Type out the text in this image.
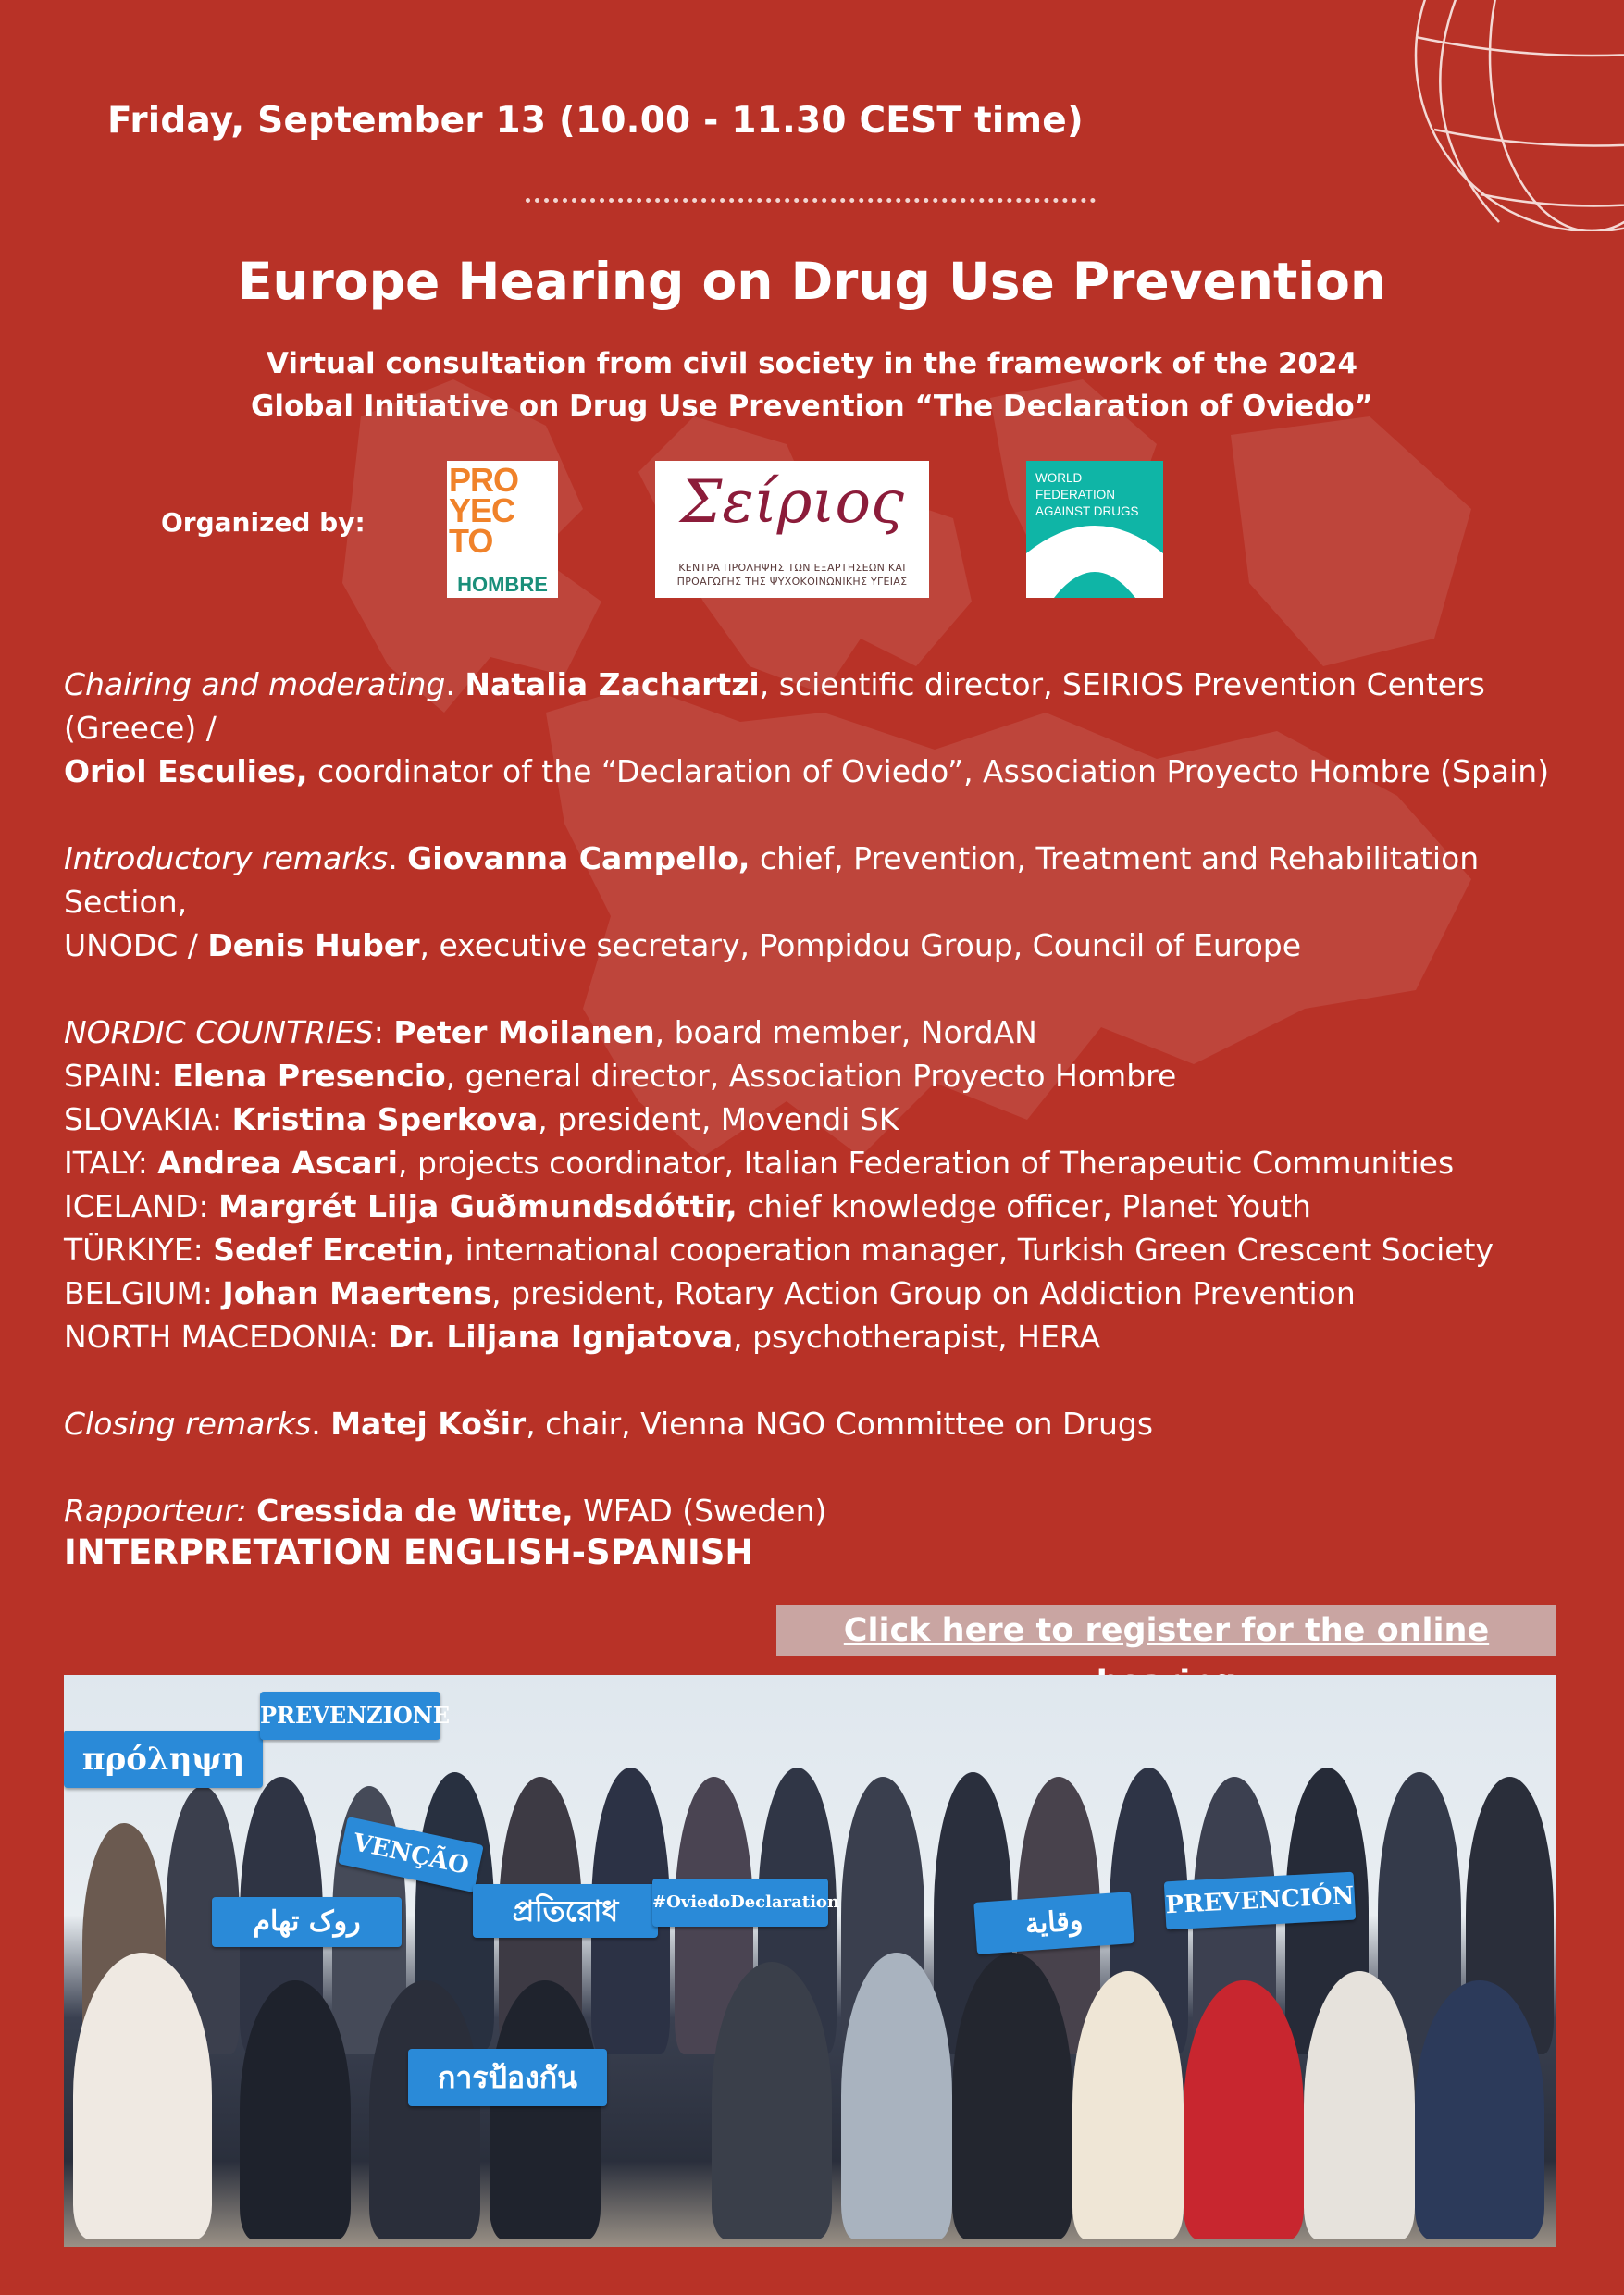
Friday, September 13 (10.00 - 11.30 CEST time)
Europe Hearing on Drug Use Prevention
Virtual consultation from civil society in the framework of the 2024
Global Initiative on Drug Use Prevention “The Declaration of Oviedo”
Organized by:
PRO
YEC
TO
HOMBRE
Σείριος
ΚΕΝΤΡΑ ΠΡΟΛΗΨΗΣ ΤΩΝ ΕΞΑΡΤΗΣΕΩΝ ΚΑΙ ΠΡΟΑΓΩΓΗΣ ΤΗΣ ΨΥΧΟΚΟΙΝΩΝΙΚΗΣ ΥΓΕΙΑΣ
WORLD FEDERATION
AGAINST DRUGS

Chairing and moderating. Natalia Zachartzi, scientific director, SEIRIOS Prevention Centers (Greece) /

Oriol Esculies, coordinator of the “Declaration of Oviedo”, Association Proyecto Hombre (Spain)

Introductory remarks. Giovanna Campello, chief, Prevention, Treatment and Rehabilitation Section,

UNODC / Denis Huber, executive secretary, Pompidou Group, Council of Europe

NORDIC COUNTRIES: Peter Moilanen, board member, NordAN

SPAIN: Elena Presencio, general director, Association Proyecto Hombre

SLOVAKIA: Kristina Sperkova, president, Movendi SK

ITALY: Andrea Ascari, projects coordinator, Italian Federation of Therapeutic Communities

ICELAND: Margrét Lilja Guðmundsdóttir, chief knowledge officer, Planet Youth

TÜRKIYE: Sedef Ercetin, international cooperation manager, Turkish Green Crescent Society

BELGIUM: Johan Maertens, president, Rotary Action Group on Addiction Prevention

NORTH MACEDONIA: Dr. Liljana Ignjatova, psychotherapist, HERA

Closing remarks. Matej Košir, chair, Vienna NGO Committee on Drugs

Rapporteur: Cressida de Witte, WFAD (Sweden)

INTERPRETATION ENGLISH-SPANISH
Click here to register for the online
πρόληψη
PREVENZIONE
VENÇÃO
روک تهام	প্রতিরোধ	#OviedoDeclaration
وقاية
PREVENCIÓN
การป้องกัน
